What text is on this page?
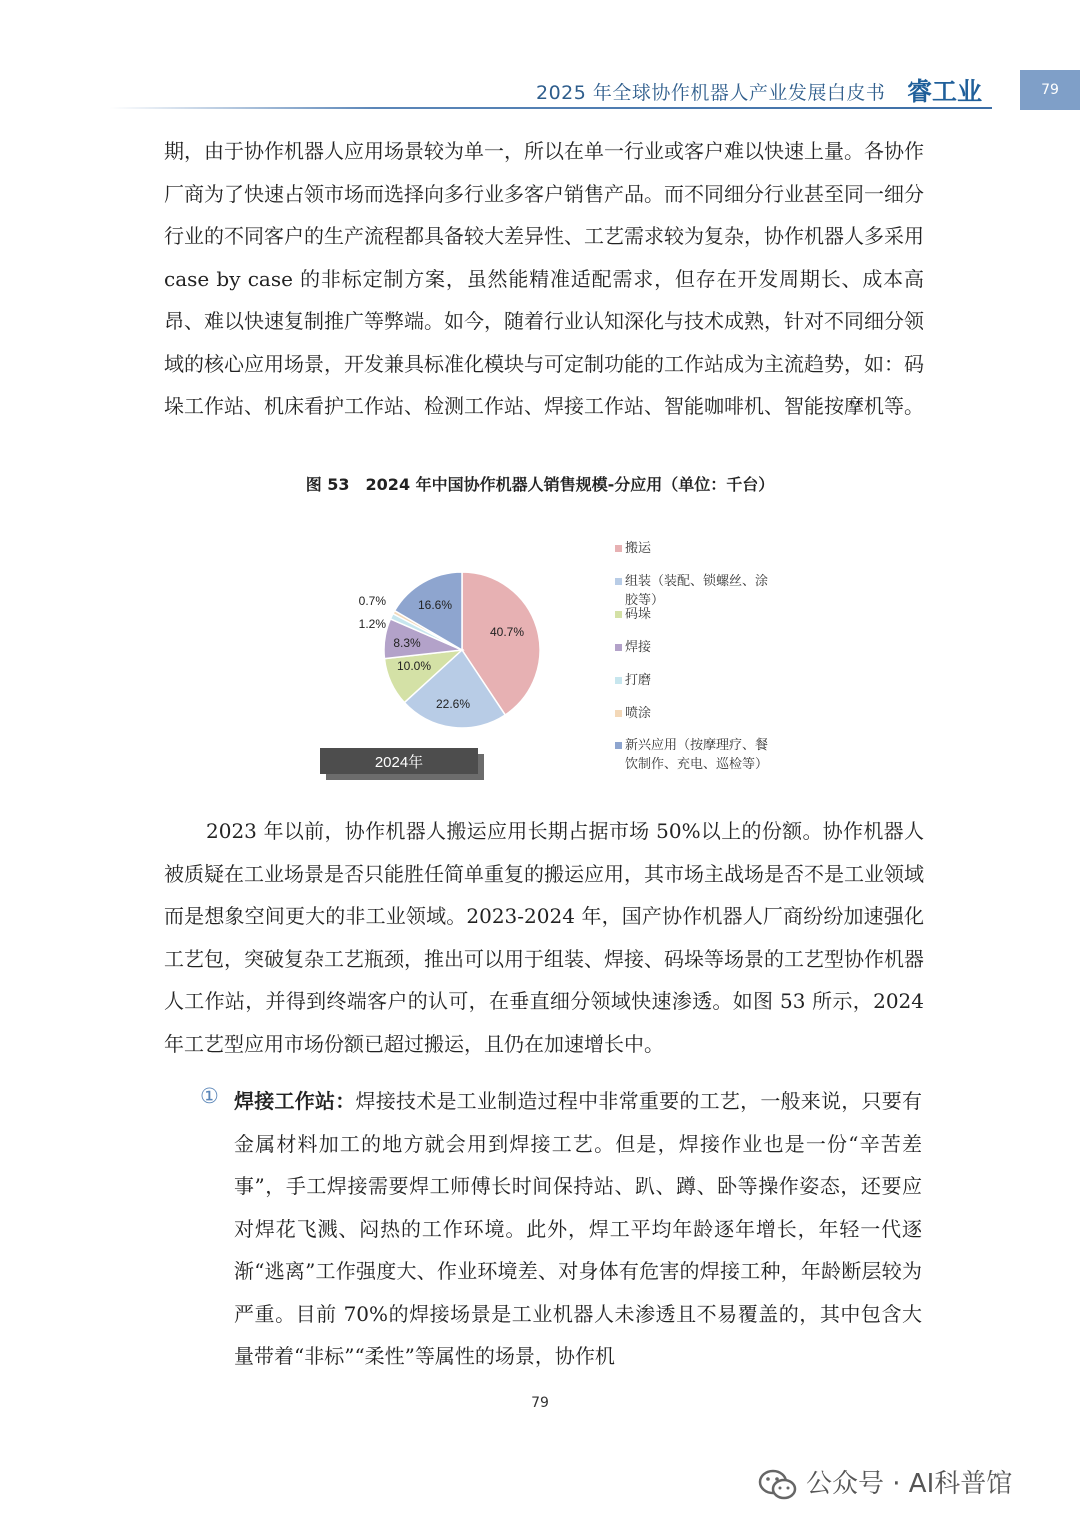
2025 年全球协作机器人产业发展白皮书 睿工业	79

期，由于协作机器人应用场景较为单一，所以在单一行业或客户难以快速上量。各协作厂商为了快速占领市场而选择向多行业多客户销售产品。而不同细分行业甚至同一细分行业的不同客户的生产流程都具备较大差异性、工艺需求较为复杂，协作机器人多采用 case by case 的非标定制方案，虽然能精准适配需求，但存在开发周期长、成本高昂、难以快速复制推广等弊端。如今，随着行业认知深化与技术成熟，针对不同细分领域的核心应用场景，开发兼具标准化模块与可定制功能的工作站成为主流趋势，如：码垛工作站、机床看护工作站、检测工作站、焊接工作站、智能咖啡机、智能按摩机等。

图 53　2024 年中国协作机器人销售规模-分应用（单位：千台）
40.7%
22.6%
10.0%
8.3%
1.2%
0.7%	16.6%
搬运
组装（装配、锁螺丝、涂
胶等）
码垛
焊接
打磨
喷涂
新兴应用（按摩理疗、餐
饮制作、充电、巡检等）
2024年

2023 年以前，协作机器人搬运应用长期占据市场 50%以上的份额。协作机器人被质疑在工业场景是否只能胜任简单重复的搬运应用，其市场主战场是否不是工业领域而是想象空间更大的非工业领域。2023-2024 年，国产协作机器人厂商纷纷加速强化工艺包，突破复杂工艺瓶颈，推出可以用于组装、焊接、码垛等场景的工艺型协作机器人工作站，并得到终端客户的认可，在垂直细分领域快速渗透。如图 53 所示，2024 年工艺型应用市场份额已超过搬运，且仍在加速增长中。

① 焊接工作站：焊接技术是工业制造过程中非常重要的工艺，一般来说，只要有金属材料加工的地方就会用到焊接工艺。但是，焊接作业也是一份“辛苦差事”，手工焊接需要焊工师傅长时间保持站、趴、蹲、卧等操作姿态，还要应对焊花飞溅、闷热的工作环境。此外，焊工平均年龄逐年增长，年轻一代逐渐“逃离”工作强度大、作业环境差、对身体有危害的焊接工种，年龄断层较为严重。目前 70%的焊接场景是工业机器人未渗透且不易覆盖的，其中包含大量带着“非标”“柔性”等属性的场景，协作机

79
公众号 · AI科普馆
